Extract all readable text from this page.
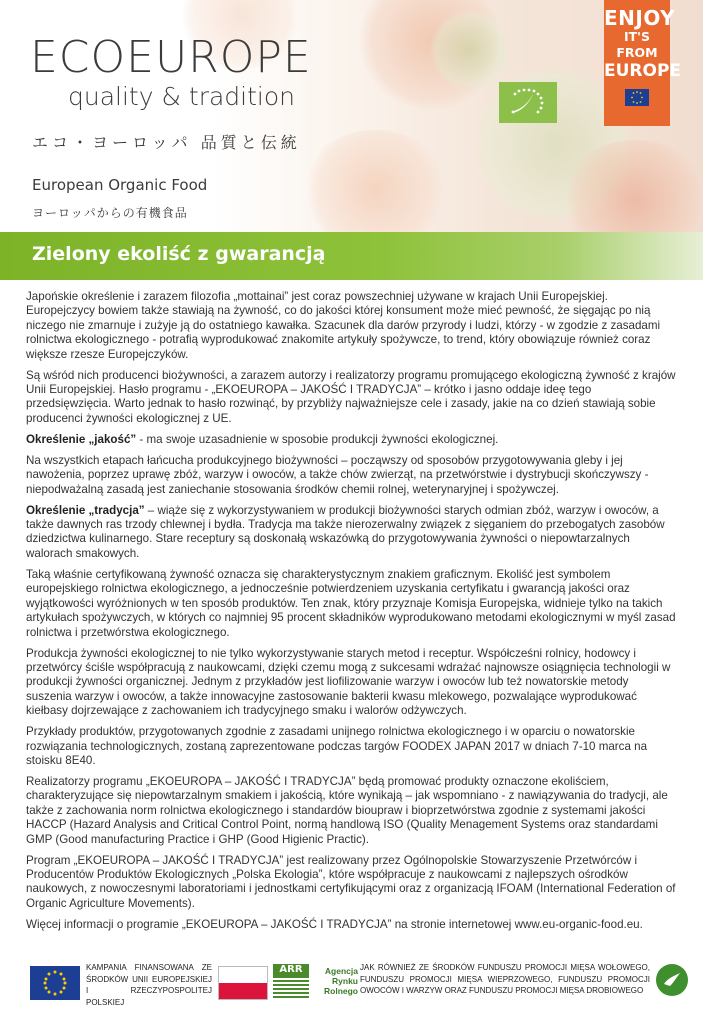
ECOEUROPE
quality & tradition
エコ・ヨーロッパ 品質と伝統
European Organic Food
ヨーロッパからの有機食品
ENJOY
IT'S FROM
EUROPE
Zielony ekoliść z gwarancją

Japońskie określenie i zarazem filozofia „mottainai” jest coraz powszechniej używane w krajach Unii Europejskiej. Europejczycy bowiem także stawiają na żywność, co do jakości której konsument może mieć pewność, że sięgając po nią niczego nie zmarnuje i zużyje ją do ostatniego kawałka. Szacunek dla darów przyrody i ludzi, którzy - w zgodzie z zasadami rolnictwa ekologicznego - potrafią wyprodukować znakomite artykuły spożywcze, to trend, który obowiązuje również coraz większe rzesze Europejczyków.

Są wśród nich producenci biożywności, a zarazem autorzy i realizatorzy programu promującego ekologiczną żywność z krajów Unii Europejskiej. Hasło programu - „EKOEUROPA – JAKOŚĆ I TRADYCJA” – krótko i jasno oddaje ideę tego przedsięwzięcia. Warto jednak to hasło rozwinąć, by przybliży najważniejsze cele i zasady, jakie na co dzień stawiają sobie producenci żywności ekologicznej z UE.

Określenie „jakość” - ma swoje uzasadnienie w sposobie produkcji żywności ekologicznej.

Na wszystkich etapach łańcucha produkcyjnego biożywności – począwszy od sposobów przygotowywania gleby i jej nawożenia, poprzez uprawę zbóż, warzyw i owoców, a także chów zwierząt, na przetwórstwie i dystrybucji skończywszy - niepodważalną zasadą jest zaniechanie stosowania środków chemii rolnej, weterynaryjnej i spożywczej.

Określenie „tradycja” – wiąże się z wykorzystywaniem w produkcji biożywności starych odmian zbóż, warzyw i owoców, a także dawnych ras trzody chlewnej i bydła. Tradycja ma także nierozerwalny związek z sięganiem do przebogatych zasobów dziedzictwa kulinarnego. Stare receptury są doskonałą wskazówką do przygotowywania żywności o niepowtarzalnych walorach smakowych.

Taką właśnie certyfikowaną żywność oznacza się charakterystycznym znakiem graficznym. Ekoliść jest symbolem europejskiego rolnictwa ekologicznego, a jednocześnie potwierdzeniem uzyskania certyfikatu i gwarancją jakości oraz wyjątkowości wyróżnionych w ten sposób produktów. Ten znak, który przyznaje Komisja Europejska, widnieje tylko na takich artykułach spożywczych, w których co najmniej 95 procent składników wyprodukowano metodami ekologicznymi w myśl zasad rolnictwa i przetwórstwa ekologicznego.

Produkcja żywności ekologicznej to nie tylko wykorzystywanie starych metod i receptur. Współcześni rolnicy, hodowcy i przetwórcy ściśle współpracują z naukowcami, dzięki czemu mogą z sukcesami wdrażać najnowsze osiągnięcia technologii w produkcji żywności organicznej. Jednym z przykładów jest liofilizowanie warzyw i owoców lub też nowatorskie metody suszenia warzyw i owoców, a także innowacyjne zastosowanie bakterii kwasu mlekowego, pozwalające wyprodukować kiełbasy dojrzewające z zachowaniem ich tradycyjnego smaku i walorów odżywczych.

Przykłady produktów, przygotowanych zgodnie z zasadami unijnego rolnictwa ekologicznego i w oparciu o nowatorskie rozwiązania technologicznych, zostaną zaprezentowane podczas targów FOODEX JAPAN 2017 w dniach 7-10 marca na stoisku 8E40.

Realizatorzy programu „EKOEUROPA – JAKOŚĆ I TRADYCJA” będą promować produkty oznaczone ekoliściem, charakteryzujące się niepowtarzalnym smakiem i jakością, które wynikają – jak wspomniano - z nawiązywania do tradycji, ale także z zachowania norm rolnictwa ekologicznego i standardów bioupraw i bioprzetwórstwa zgodnie z systemami jakości HACCP (Hazard Analysis and Critical Control Point, normą handlową ISO (Quality Menagement Systems oraz standardami GMP (Good manufacturing Practice i GHP (Good Higienic Practic).

Program „EKOEUROPA – JAKOŚĆ I TRADYCJA” jest realizowany przez Ogólnopolskie Stowarzyszenie Przetwórców i Producentów Produktów Ekologicznych „Polska Ekologia”, które współpracuje z naukowcami z najlepszych ośrodków naukowych, z nowoczesnymi laboratoriami i jednostkami certyfikującymi oraz z organizacją IFOAM (International Federation of Organic Agriculture Movements).

Więcej informacji o programie „EKOEUROPA – JAKOŚĆ I TRADYCJA” na stronie internetowej www.eu-organic-food.eu.

KAMPANIA FINANSOWANA ZE ŚRODKÓW UNII EUROPEJSKIEJ I RZECZYPOSPOLITEJ POLSKIEJ
ARR	Agencja
Rynku
Rolnego
JAK RÓWNIEŻ ZE ŚRODKÓW FUNDUSZU PROMOCJI MIĘSA WOŁOWEGO, FUNDUSZU PROMOCJI MIĘSA WIEPRZOWEGO, FUNDUSZU PROMOCJI OWOCÓW I WARZYW ORAZ FUNDUSZU PROMOCJI MIĘSA DROBIOWEGO
